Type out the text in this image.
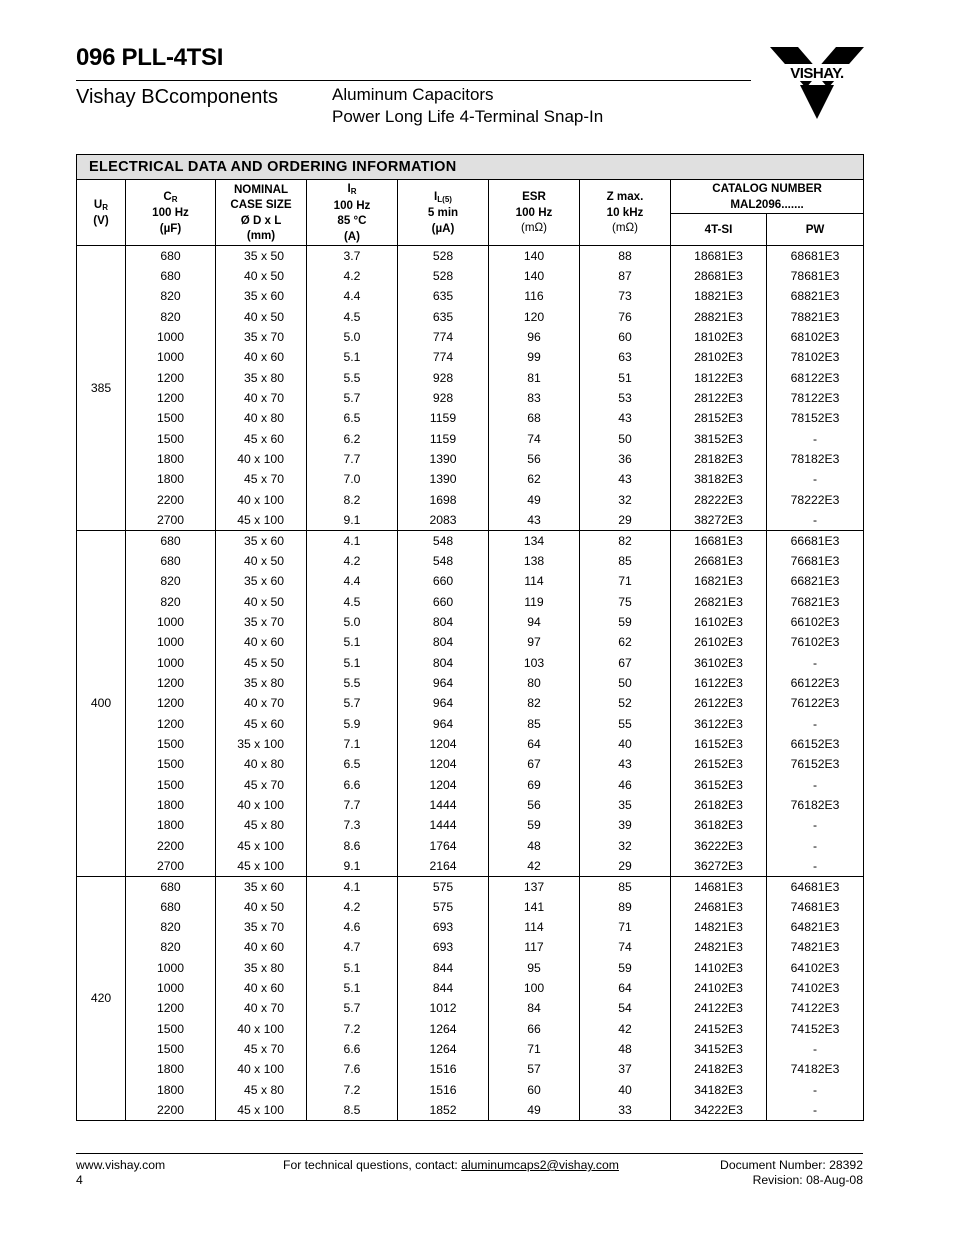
096 PLL-4TSI
Vishay BCcomponents	Aluminum Capacitors
Power Long Life 4-Terminal Snap-In
VISHAY.
ELECTRICAL DATA AND ORDERING INFORMATION								
UR
(V)	CR
100 Hz
(µF)	NOMINAL
CASE SIZE
Ø D x L
(mm)	IR
100 Hz
85 °C
(A)	IL(5)
5 min
(µA)	ESR
100 Hz
(mΩ)	Z max.
10 kHz
(mΩ)	CATALOG NUMBER
MAL2096.......	
							4T-SI	PW
385	680	35 x 50	3.7	528	140	88	18681E3	68681E3
	680	40 x 50	4.2	528	140	87	28681E3	78681E3
	820	35 x 60	4.4	635	116	73	18821E3	68821E3
	820	40 x 50	4.5	635	120	76	28821E3	78821E3
	1000	35 x 70	5.0	774	96	60	18102E3	68102E3
	1000	40 x 60	5.1	774	99	63	28102E3	78102E3
	1200	35 x 80	5.5	928	81	51	18122E3	68122E3
	1200	40 x 70	5.7	928	83	53	28122E3	78122E3
	1500	40 x 80	6.5	1159	68	43	28152E3	78152E3
	1500	45 x 60	6.2	1159	74	50	38152E3	-
	1800	40 x 100	7.7	1390	56	36	28182E3	78182E3
	1800	45 x 70	7.0	1390	62	43	38182E3	-
	2200	40 x 100	8.2	1698	49	32	28222E3	78222E3
	2700	45 x 100	9.1	2083	43	29	38272E3	-
400	680	35 x 60	4.1	548	134	82	16681E3	66681E3
	680	40 x 50	4.2	548	138	85	26681E3	76681E3
	820	35 x 60	4.4	660	114	71	16821E3	66821E3
	820	40 x 50	4.5	660	119	75	26821E3	76821E3
	1000	35 x 70	5.0	804	94	59	16102E3	66102E3
	1000	40 x 60	5.1	804	97	62	26102E3	76102E3
	1000	45 x 50	5.1	804	103	67	36102E3	-
	1200	35 x 80	5.5	964	80	50	16122E3	66122E3
	1200	40 x 70	5.7	964	82	52	26122E3	76122E3
	1200	45 x 60	5.9	964	85	55	36122E3	-
	1500	35 x 100	7.1	1204	64	40	16152E3	66152E3
	1500	40 x 80	6.5	1204	67	43	26152E3	76152E3
	1500	45 x 70	6.6	1204	69	46	36152E3	-
	1800	40 x 100	7.7	1444	56	35	26182E3	76182E3
	1800	45 x 80	7.3	1444	59	39	36182E3	-
	2200	45 x 100	8.6	1764	48	32	36222E3	-
	2700	45 x 100	9.1	2164	42	29	36272E3	-
420	680	35 x 60	4.1	575	137	85	14681E3	64681E3
	680	40 x 50	4.2	575	141	89	24681E3	74681E3
	820	35 x 70	4.6	693	114	71	14821E3	64821E3
	820	40 x 60	4.7	693	117	74	24821E3	74821E3
	1000	35 x 80	5.1	844	95	59	14102E3	64102E3
	1000	40 x 60	5.1	844	100	64	24102E3	74102E3
	1200	40 x 70	5.7	1012	84	54	24122E3	74122E3
	1500	40 x 100	7.2	1264	66	42	24152E3	74152E3
	1500	45 x 70	6.6	1264	71	48	34152E3	-
	1800	40 x 100	7.6	1516	57	37	24182E3	74182E3
	1800	45 x 80	7.2	1516	60	40	34182E3	-
	2200	45 x 100	8.5	1852	49	33	34222E3	-
www.vishay.com
4
For technical questions, contact: aluminumcaps2@vishay.com	Document Number: 28392
Revision: 08-Aug-08
